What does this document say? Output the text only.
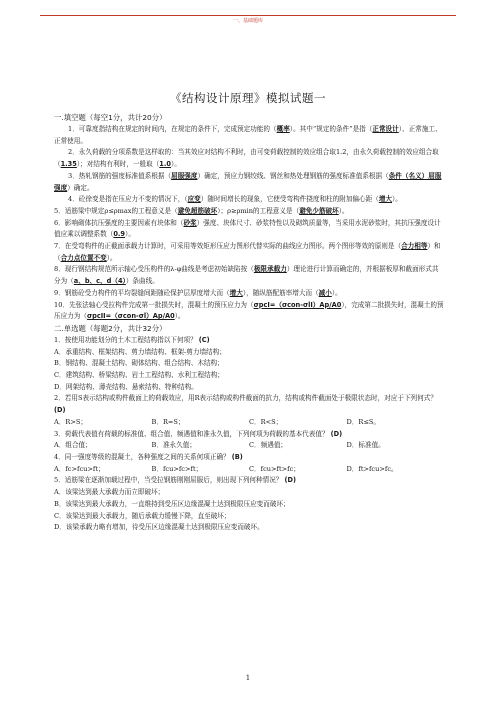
$_{一、基础题库}$
《结构设计原理》模拟试题一

一.填空题（每空1分，共计20分）

1．可靠度指结构在规定的时间内，在规定的条件下，完成预定功能的（概率）。其中“规定的条件”是指（正常设计）、正常施工、正常使用。

2．永久荷载的分项系数是这样取的：当其效应对结构不利时，由可变荷载控制的效应组合取1.2，由永久荷载控制的效应组合取（1.35）；对结构有利时，一般取（1.0）。

3．热轧钢筋的强度标准值系根据（屈服强度）确定，预应力钢绞线、钢丝和热处理钢筋的强度标准值系根据（条件（名义）屈服强度）确定。

4．砼徐变是指在压应力不变的情况下，（应变）随时间增长的现象，它使受弯构件挠度和柱的附加偏心距（增大）。

5．适筋梁中规定ρ≤ρmax的工程意义是（避免超筋破坏）；ρ≥ρmin的工程意义是（避免少筋破坏）。

6．影响砌体抗压强度的主要因素有块体和（砂浆）强度、块体尺寸、砂浆特性以及砌筑质量等，当采用水泥砂浆时，其抗压强度设计值应乘以调整系数（0.9）。

7．在受弯构件的正截面承载力计算时，可采用等效矩形压应力图形代替实际的曲线应力图形。两个图形等效的原则是（合力相等）和（合力点位置不变）。

8．现行钢结构规范所示轴心受压构件的λ-φ曲线是考虑初始缺陷按（极限承载力）理论进行计算而确定的，并根据板厚和截面形式共分为（a、b、c、d（4））条曲线。

9．钢筋砼受力构件的平均裂缝间距随砼保护层厚度增大而（增大），随纵筋配筋率增大而（减小）。

10．先张法轴心受拉构件完成第一批损失时，混凝土的预压应力为（σpcI=（σcon-σlI）Ap/A0），完成第二批损失时，混凝土的预压应力为（σpcII=（σcon-σl）Ap/A0）。

二.单选题（每题2分，共计32分）

1．按使用功能划分的土木工程结构指以下何项？ (C)

A．承重结构、框架结构、剪力墙结构、框架-剪力墙结构；

B．钢结构、混凝土结构、砌体结构、组合结构、木结构；

C．建筑结构、桥梁结构、岩土工程结构、水利工程结构；

D．网架结构、薄壳结构、悬索结构、特种结构。

2．若用S表示结构或构件截面上的荷载效应，用R表示结构或构件截面的抗力，结构或构件截面处于极限状态时，对应于下列何式？ (D)

A．R>S；	B．R=S；	C．R<S；	D．R≤S。

3．荷载代表值有荷载的标准值、组合值、频遇值和准永久值，下列何项为荷载的基本代表值？ (D)

A．组合值；	B．准永久值；	C．频遇值；	D．标准值。

4．同一强度等级的混凝土，各种强度之间的关系何项正确？ (B)

A．fc>fcu>ft；	B．fcu>fc>ft；	C．fcu>ft>fc；	D．ft>fcu>fc。

5．适筋梁在逐渐加载过程中，当受拉钢筋刚刚屈服后，则出现下列何种情况？ (D)

A．该梁达到最大承载力而立即破坏；

B．该梁达到最大承载力，一直维持到受压区边缘混凝土达到极限压应变而破坏；

C．该梁达到最大承载力，随后承载力缓慢下降，直至破坏；

D．该梁承载力略有增加，待受压区边缘混凝土达到极限压应变而破坏。

1
